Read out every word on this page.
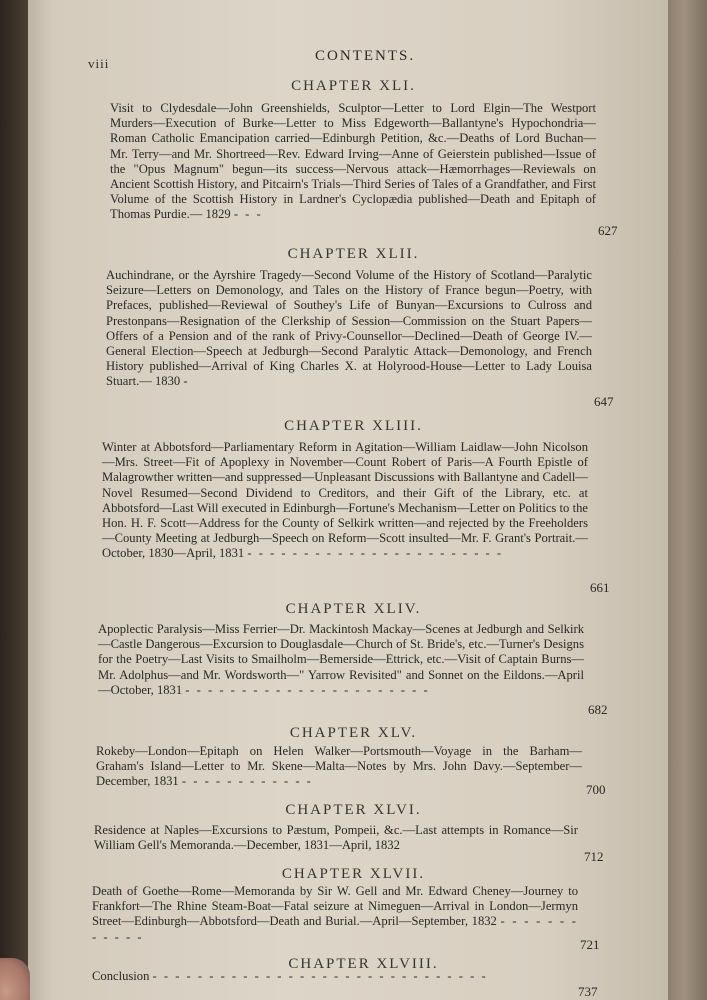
viii	CONTENTS.
CHAPTER XLI.
Visit to Clydesdale—John Greenshields, Sculptor—Letter to Lord Elgin—The Westport Murders—Execution of Burke—Letter to Miss Edgeworth—Ballantyne's Hypochondria—Roman Catholic Emancipation carried—Edinburgh Petition, &c.—Deaths of Lord Buchan—Mr. Terry—and Mr. Shortreed—Rev. Edward Irving—Anne of Geierstein published—Issue of the "Opus Magnum" begun—its success—Nervous attack—Hæmorrhages—Reviewals on Ancient Scottish History, and Pitcairn's Trials—Third Series of Tales of a Grandfather, and First Volume of the Scottish History in Lardner's Cyclopædia published—Death and Epitaph of Thomas Purdie.— 1829 - - -
627
CHAPTER XLII.
Auchindrane, or the Ayrshire Tragedy—Second Volume of the History of Scotland—Paralytic Seizure—Letters on Demonology, and Tales on the History of France begun—Poetry, with Prefaces, published—Reviewal of Southey's Life of Bunyan—Excursions to Culross and Prestonpans—Resignation of the Clerkship of Session—Commission on the Stuart Papers—Offers of a Pension and of the rank of Privy-Counsellor—Declined—Death of George IV.—General Election—Speech at Jedburgh—Second Paralytic Attack—Demonology, and French History published—Arrival of King Charles X. at Holyrood-House—Letter to Lady Louisa Stuart.— 1830 -
647
CHAPTER XLIII.
Winter at Abbotsford—Parliamentary Reform in Agitation—William Laidlaw—John Nicolson—Mrs. Street—Fit of Apoplexy in November—Count Robert of Paris—A Fourth Epistle of Malagrowther written—and suppressed—Unpleasant Discussions with Ballantyne and Cadell—Novel Resumed—Second Dividend to Creditors, and their Gift of the Library, etc. at Abbotsford—Last Will executed in Edinburgh—Fortune's Mechanism—Letter on Politics to the Hon. H. F. Scott—Address for the County of Selkirk written—and rejected by the Freeholders—County Meeting at Jedburgh—Speech on Reform—Scott insulted—Mr. F. Grant's Portrait.—October, 1830—April, 1831 - - - - - - - - - - - - - - - - - - - - - - -
661
CHAPTER XLIV.
Apoplectic Paralysis—Miss Ferrier—Dr. Mackintosh Mackay—Scenes at Jedburgh and Selkirk—Castle Dangerous—Excursion to Douglasdale—Church of St. Bride's, etc.—Turner's Designs for the Poetry—Last Visits to Smailholm—Bemerside—Ettrick, etc.—Visit of Captain Burns—Mr. Adolphus—and Mr. Wordsworth—" Yarrow Revisited" and Sonnet on the Eildons.—April—October, 1831 - - - - - - - - - - - - - - - - - - - - - -
682
CHAPTER XLV.
Rokeby—London—Epitaph on Helen Walker—Portsmouth—Voyage in the Barham—Graham's Island—Letter to Mr. Skene—Malta—Notes by Mrs. John Davy.—September—December, 1831 - - - - - - - - - - - -
700
CHAPTER XLVI.
Residence at Naples—Excursions to Pæstum, Pompeii, &c.—Last attempts in Romance—Sir William Gell's Memoranda.—December, 1831—April, 1832
712
CHAPTER XLVII.
Death of Goethe—Rome—Memoranda by Sir W. Gell and Mr. Edward Cheney—Journey to Frankfort—The Rhine Steam-Boat—Fatal seizure at Nimeguen—Arrival in London—Jermyn Street—Edinburgh—Abbotsford—Death and Burial.—April—September, 1832 - - - - - - - - - - - -
721
CHAPTER XLVIII.
Conclusion - - - - - - - - - - - - - - - - - - - - - - - - - - - - - -
737
